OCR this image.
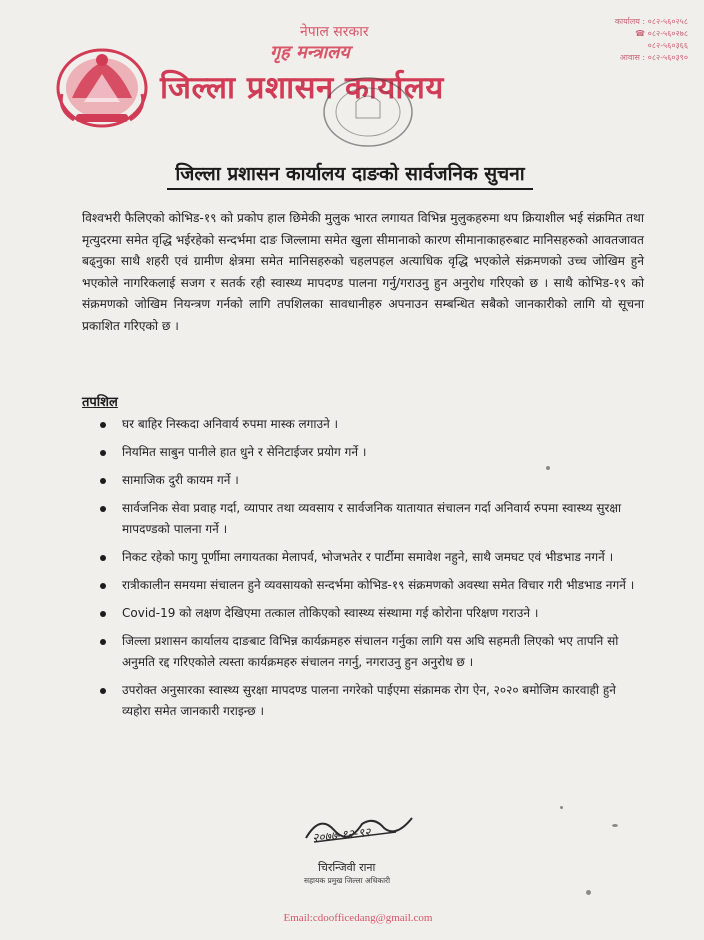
नेपाल सरकार
गृह मन्त्रालय
जिल्ला प्रशासन कार्यालय
कार्यालय : ०८२-५६०२५८
☎ ०८२-५६०२७८
०८२-५६०३६६
आवास : ०८२-५६०३९०
जिल्ला प्रशासन कार्यालय दाङको सार्वजनिक सुचना

विश्वभरी फैलिएको कोभिड-१९ को प्रकोप हाल छिमेकी मुलुक भारत लगायत विभिन्न मुलुकहरुमा थप क्रियाशील भई संक्रमित तथा मृत्युदरमा समेत वृद्धि भईरहेको सन्दर्भमा दाङ जिल्लामा समेत खुला सीमानाको कारण सीमानाकाहरुबाट मानिसहरुको आवतजावत बढ्नुका साथै शहरी एवं ग्रामीण क्षेत्रमा समेत मानिसहरुको चहलपहल अत्याधिक वृद्धि भएकोले संक्रमणको उच्च जोखिम हुने भएकोले नागरिकलाई सजग र सतर्क रही स्वास्थ्य मापदण्ड पालना गर्नु/गराउनु हुन अनुरोध गरिएको छ । साथै कोभिड-१९ को संक्रमणको जोखिम नियन्त्रण गर्नको लागि तपशिलका सावधानीहरु अपनाउन सम्बन्धित सबैको जानकारीको लागि यो सूचना प्रकाशित गरिएको छ ।

तपशिल
घर बाहिर निस्कदा अनिवार्य रुपमा मास्क लगाउने ।
नियमित साबुन पानीले हात धुने र सेनिटाईजर प्रयोग गर्ने ।
सामाजिक दुरी कायम गर्ने ।
सार्वजनिक सेवा प्रवाह गर्दा, व्यापार तथा व्यवसाय र सार्वजनिक यातायात संचालन गर्दा अनिवार्य रुपमा स्वास्थ्य सुरक्षा मापदण्डको पालना गर्ने ।
निकट रहेको फागु पूर्णीमा लगायतका मेलापर्व, भोजभतेर र पार्टीमा समावेश नहुने, साथै जमघट एवं भीडभाड नगर्ने ।
रात्रीकालीन समयमा संचालन हुने व्यवसायको सन्दर्भमा कोभिड-१९ संक्रमणको अवस्था समेत विचार गरी भीडभाड नगर्ने ।
Covid-19 को लक्षण देखिएमा तत्काल तोकिएको स्वास्थ्य संस्थामा गई कोरोना परिक्षण गराउने ।
जिल्ला प्रशासन कार्यालय दाङबाट विभिन्न कार्यक्रमहरु संचालन गर्नुका लागि यस अघि सहमती लिएको भए तापनि सो अनुमति रद्द गरिएकोले त्यस्ता कार्यक्रमहरु संचालन नगर्नु, नगराउनु हुन अनुरोध छ ।
उपरोक्त अनुसारका स्वास्थ्य सुरक्षा मापदण्ड पालना नगरेको पाईएमा संक्रामक रोग ऐन, २०२० बमोजिम कारवाही हुने व्यहोरा समेत जानकारी गराइन्छ ।
२०७७-१२-९२
चिरन्जिवी राना
सहायक प्रमुख जिल्ला अधिकारी
Email:cdoofficedang@gmail.com
